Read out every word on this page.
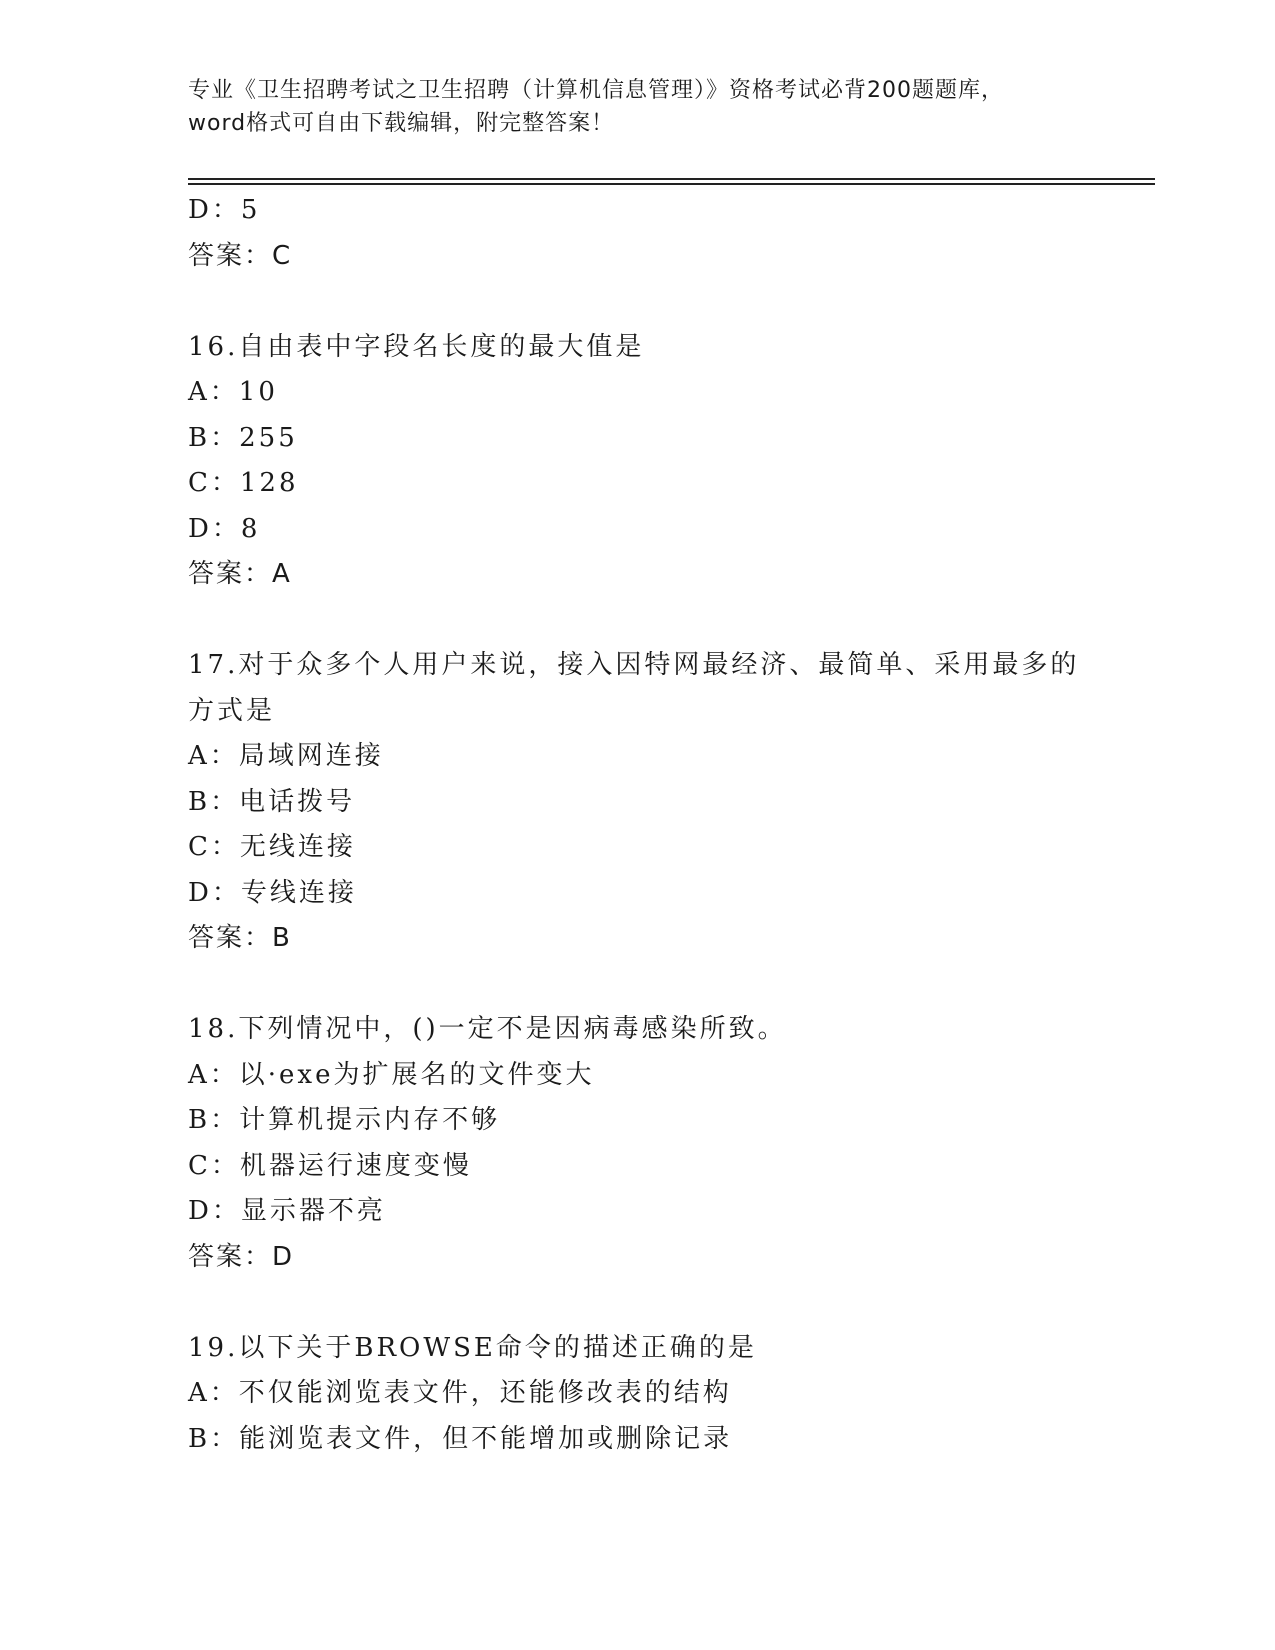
专业《卫生招聘考试之卫生招聘（计算机信息管理）》资格考试必背200题题库，
word格式可自由下载编辑，附完整答案！
D：5
答案：C
16.自由表中字段名长度的最大值是
A：10
B：255
C：128
D：8
答案：A
17.对于众多个人用户来说，接入因特网最经济、最简单、采用最多的
方式是
A：局域网连接
B：电话拨号
C：无线连接
D：专线连接
答案：B
18.下列情况中，()一定不是因病毒感染所致。
A：以·exe为扩展名的文件变大
B：计算机提示内存不够
C：机器运行速度变慢
D：显示器不亮
答案：D
19.以下关于BROWSE命令的描述正确的是
A：不仅能浏览表文件，还能修改表的结构
B：能浏览表文件，但不能增加或删除记录
